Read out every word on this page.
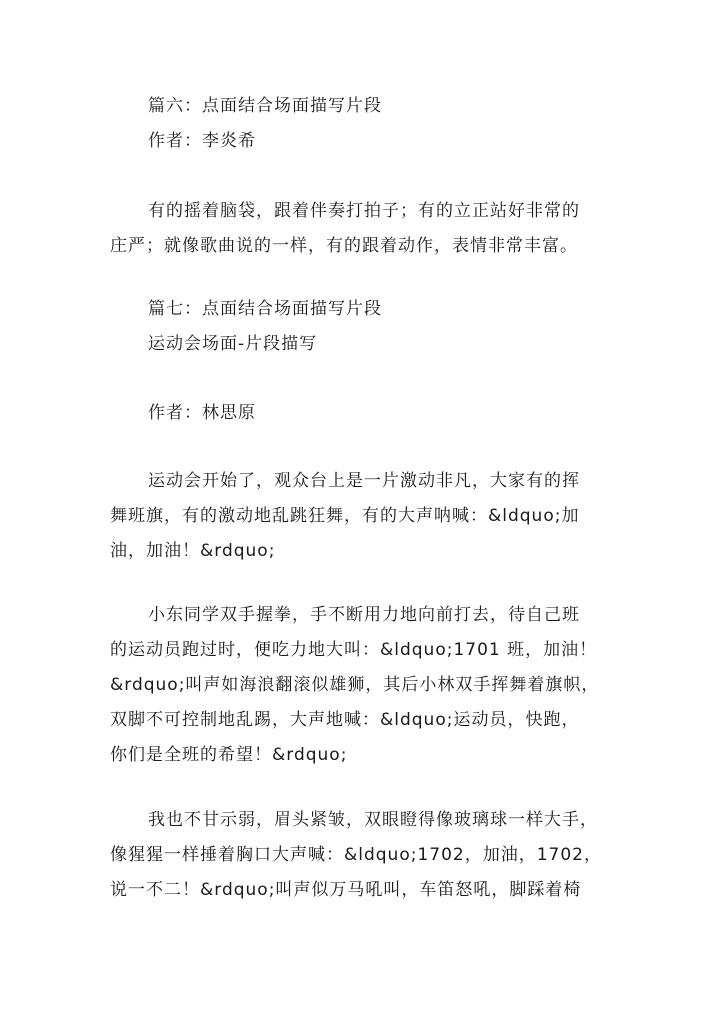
篇六：点面结合场面描写片段
作者：李炎希
有的摇着脑袋，跟着伴奏打拍子；有的立正站好非常的
庄严；就像歌曲说的一样，有的跟着动作，表情非常丰富。
篇七：点面结合场面描写片段
运动会场面-片段描写
作者：林思原
运动会开始了，观众台上是一片激动非凡，大家有的挥
舞班旗，有的激动地乱跳狂舞，有的大声呐喊：&ldquo;加
油，加油！&rdquo;
小东同学双手握拳，手不断用力地向前打去，待自己班
的运动员跑过时，便吃力地大叫：&ldquo;1701 班，加油！
&rdquo;叫声如海浪翻滚似雄狮，其后小林双手挥舞着旗帜，
双脚不可控制地乱踢，大声地喊：&ldquo;运动员，快跑，
你们是全班的希望！&rdquo;
我也不甘示弱，眉头紧皱，双眼瞪得像玻璃球一样大手，
像猩猩一样捶着胸口大声喊：&ldquo;1702，加油，1702，
说一不二！&rdquo;叫声似万马吼叫，车笛怒吼，脚踩着椅
